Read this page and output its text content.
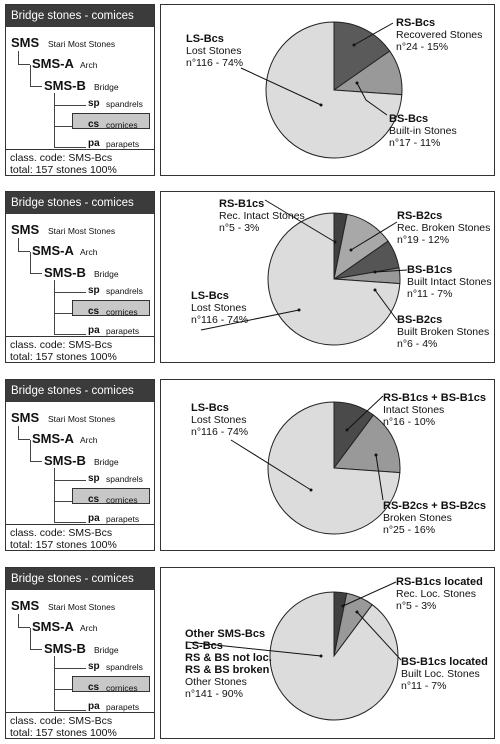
Bridge stones - comices
SMS Stari Most Stones
SMS-A Arch
SMS-B Bridge
sp spandrels
cs cornices
pa parapets
class. code: SMS-Bcs
total: 157 stones 100%
LS-Bcs
Lost Stones
n°116 - 74%
RS-Bcs
Recovered Stones
n°24 - 15%
BS-Bcs
Built-in Stones
n°17 - 11%
Bridge stones - comices
SMS Stari Most Stones
SMS-A Arch
SMS-B Bridge
sp spandrels
cs cornices
pa parapets
class. code: SMS-Bcs
total: 157 stones 100%
RS-B1cs
Rec. Intact Stones
n°5 - 3%
RS-B2cs
Rec. Broken Stones
n°19 - 12%
BS-B1cs
Built Intact Stones
n°11 - 7%
BS-B2cs
Built Broken Stones
n°6 - 4%
LS-Bcs
Lost Stones
n°116 - 74%
Bridge stones - comices
SMS Stari Most Stones
SMS-A Arch
SMS-B Bridge
sp spandrels
cs cornices
pa parapets
class. code: SMS-Bcs
total: 157 stones 100%
LS-Bcs
Lost Stones
n°116 - 74%
RS-B1cs + BS-B1cs
Intact Stones
n°16 - 10%
RS-B2cs + BS-B2cs
Broken Stones
n°25 - 16%
Bridge stones - comices
SMS Stari Most Stones
SMS-A Arch
SMS-B Bridge
sp spandrels
cs cornices
pa parapets
class. code: SMS-Bcs
total: 157 stones 100%
RS-B1cs located
Rec. Loc. Stones
n°5 - 3%
BS-B1cs located
Built Loc. Stones
n°11 - 7%
Other SMS-Bcs
LS-Bcs
RS & BS not loc.
RS & BS broken
Other Stones
n°141 - 90%
